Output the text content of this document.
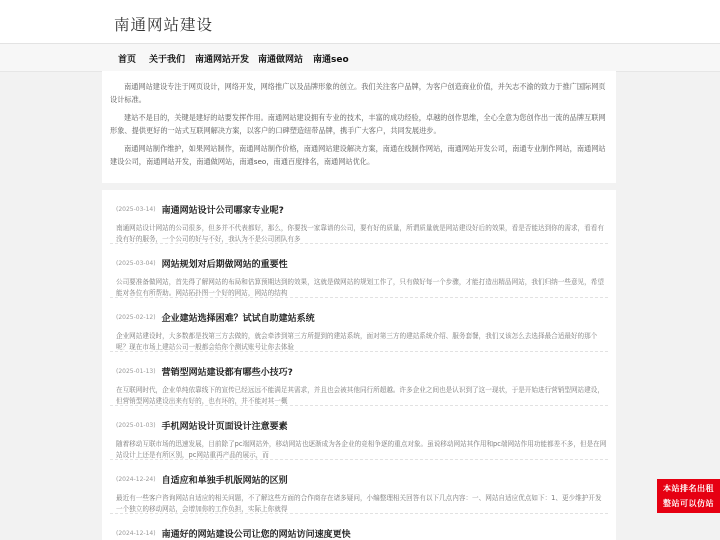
南通网站建设
首页 关于我们 南通网站开发 南通做网站 南通seo

南通网站建设专注于网页设计，网络开发，网络推广以及品牌形象的创立。我们关注客户品牌，为客户创造商业价值，并矢志不渝的致力于推广国际网页设计标准。

建站不是目的，关键是建好的站要发挥作用。南通网站建设拥有专业的技术，丰富的成功经验，卓越的创作思维，全心全意为您创作出一流的品牌互联网形象、提供更好的一站式互联网解决方案，以客户的口碑塑造纽带品牌，携手广大客户，共同发展进步。

南通网站制作维护，如果网站制作，南通网站制作价格，南通网站建设解决方案，南通在线制作网站，南通网站开发公司，南通专业制作网站，南通网站建设公司，南通网站开发，南通做网站，南通seo，南通百度排名，南通网站优化。

(2025-03-14) 南通网站设计公司哪家专业呢?
南通网站设计网站的公司很多，但多并不代表都好，那么，你要找一家靠谱的公司，要有好的质量，所谓质量就是网站建设好后的效果，看是否能达到你的需求，看看有没有好的服务，一个公司的好与不好，我认为不是公司团队有多
(2025-03-04) 网站规划对后期做网站的重要性
公司要准备做网站，首先得了解网站的布局和估算预期达到的效果，这就是做网站的规划工作了，只有做好每一个步骤，才能打造出精品网站，我们归纳一些意见，希望能对各位有所帮助。网站拓扑图一个好的网站，网站的结构
(2025-02-12) 企业建站选择困难？试试自助建站系统
企业网站建设时，大多数都是找第三方去做的，就会牵涉到第三方所提到的建站系统，面对第三方的建站系统介绍、服务套餐，我们又该怎么去选择最合适最好的那个呢？现在市场上建站公司一般都会给你个测试账号让你去体验
(2025-01-13) 营销型网站建设都有哪些小技巧?
在互联网时代，企业单纯依靠线下的宣传已经远远不能满足其需求，并且也会被其他同行所超越。许多企业之间也是认识到了这一现状，于是开始进行营销型网站建设，但营销型网站建设出来有好的，也有坏的，并不能对其一概
(2025-01-03) 手机网站设计页面设计注意要素
随着移动互联市场的迅速发展，目前除了pc端网站外，移动网站也逐渐成为各企业的竞相争逐的重点对象。虽说移动网站其作用和pc端网站作用功能都差不多，但是在网站设计上还是有所区别，pc网站重再产品的展示，而
(2024-12-24) 自适应和单独手机版网站的区别
最近有一些客户咨询网站自适应的相关问题，不了解这些方面的合作商存在诸多疑问，小编整理相关回答有以下几点内容：一、网站自适应优点如下：1、更少维护开发一个独立的移动网站，会增加你的工作负担，实际上你就得
(2024-12-14) 南通好的网站建设公司让您的网站访问速度更快
本站排名出租
整站可以仿站
